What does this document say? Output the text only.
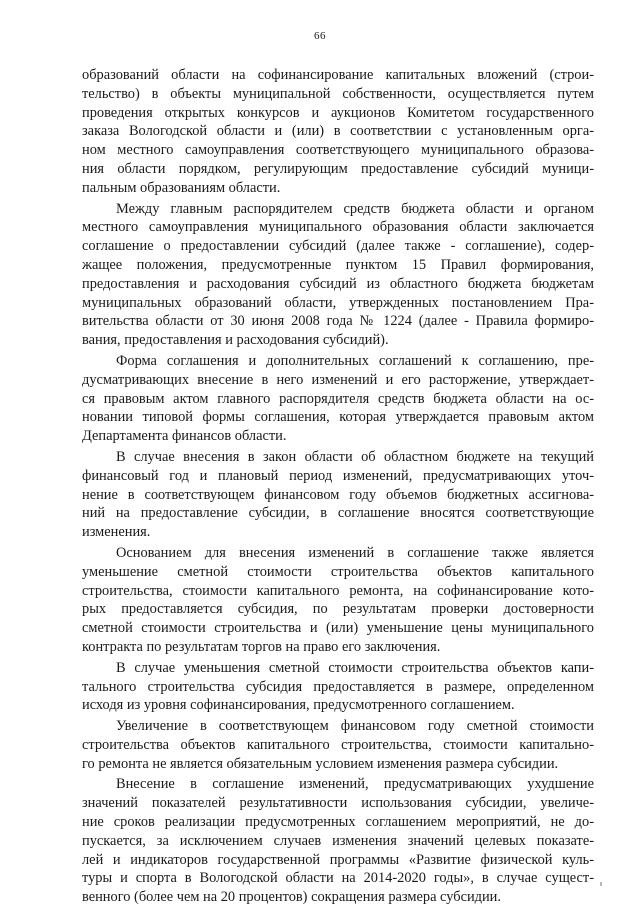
66
образований области на софинансирование капитальных вложений (строи-
тельство) в объекты муниципальной собственности, осуществляется путем
проведения открытых конкурсов и аукционов Комитетом государственного
заказа Вологодской области и (или) в соответствии с установленным орга-
ном местного самоуправления соответствующего муниципального образова-
ния области порядком, регулирующим предоставление субсидий муници-
пальным образованиям области.
Между главным распорядителем средств бюджета области и органом
местного самоуправления муниципального образования области заключается
соглашение о предоставлении субсидий (далее также - соглашение), содер-
жащее положения, предусмотренные пунктом 15 Правил формирования,
предоставления и расходования субсидий из областного бюджета бюджетам
муниципальных образований области, утвержденных постановлением Пра-
вительства области от 30 июня 2008 года № 1224 (далее - Правила формиро-
вания, предоставления и расходования субсидий).
Форма соглашения и дополнительных соглашений к соглашению, пре-
дусматривающих внесение в него изменений и его расторжение, утверждает-
ся правовым актом главного распорядителя средств бюджета области на ос-
новании типовой формы соглашения, которая утверждается правовым актом
Департамента финансов области.
В случае внесения в закон области об областном бюджете на текущий
финансовый год и плановый период изменений, предусматривающих уточ-
нение в соответствующем финансовом году объемов бюджетных ассигнова-
ний на предоставление субсидии, в соглашение вносятся соответствующие
изменения.
Основанием для внесения изменений в соглашение также является
уменьшение сметной стоимости строительства объектов капитального
строительства, стоимости капитального ремонта, на софинансирование кото-
рых предоставляется субсидия, по результатам проверки достоверности
сметной стоимости строительства и (или) уменьшение цены муниципального
контракта по результатам торгов на право его заключения.
В случае уменьшения сметной стоимости строительства объектов капи-
тального строительства субсидия предоставляется в размере, определенном
исходя из уровня софинансирования, предусмотренного соглашением.
Увеличение в соответствующем финансовом году сметной стоимости
строительства объектов капитального строительства, стоимости капитально-
го ремонта не является обязательным условием изменения размера субсидии.
Внесение в соглашение изменений, предусматривающих ухудшение
значений показателей результативности использования субсидии, увеличе-
ние сроков реализации предусмотренных соглашением мероприятий, не до-
пускается, за исключением случаев изменения значений целевых показате-
лей и индикаторов государственной программы «Развитие физической куль-
туры и спорта в Вологодской области на 2014-2020 годы», в случае сущест-
венного (более чем на 20 процентов) сокращения размера субсидии.
